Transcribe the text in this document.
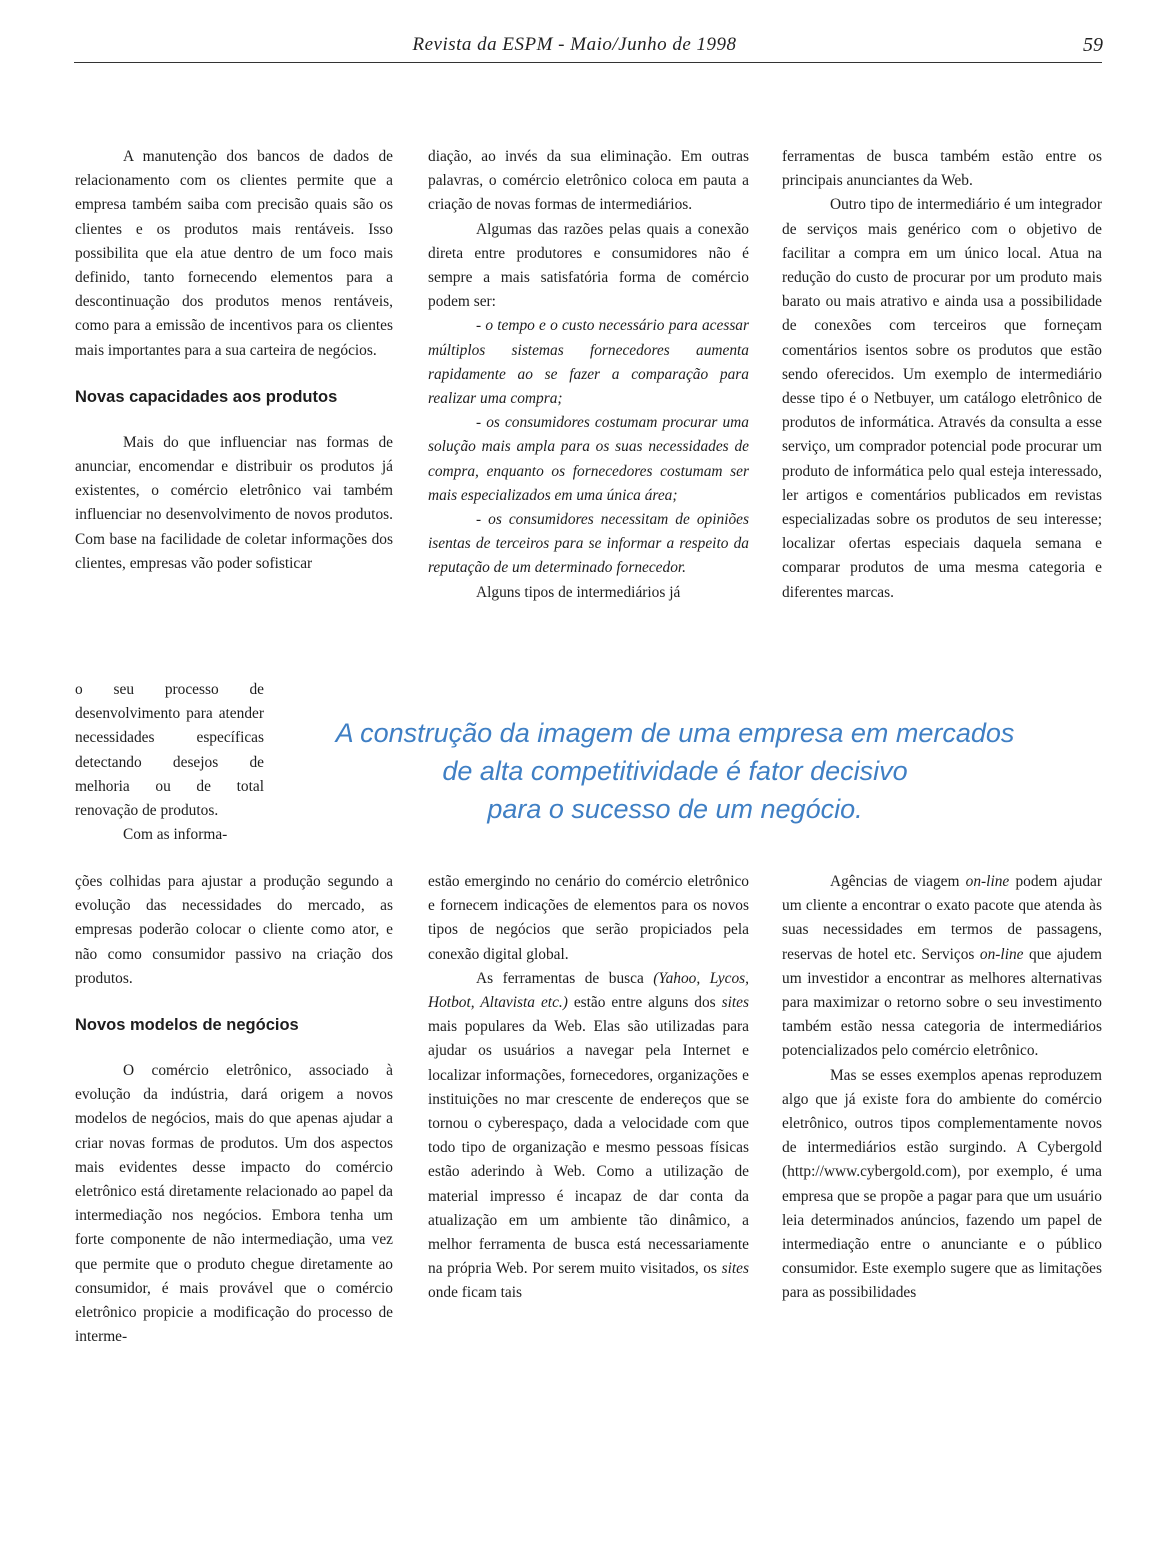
Revista da ESPM - Maio/Junho de 1998	59

A manutenção dos bancos de dados de relacionamento com os clientes permite que a empresa também saiba com precisão quais são os clientes e os produtos mais rentáveis. Isso possibilita que ela atue dentro de um foco mais definido, tanto fornecendo elementos para a descontinuação dos produtos menos rentáveis, como para a emissão de incentivos para os clientes mais importantes para a sua carteira de negócios.

Novas capacidades aos produtos

Mais do que influenciar nas formas de anunciar, encomendar e distribuir os produtos já existentes, o comércio eletrônico vai também influenciar no desenvolvimento de novos produtos. Com base na facilidade de coletar informações dos clientes, empresas vão poder sofisticar

o seu processo de desenvolvimento para atender necessidades específicas detectando desejos de melhoria ou de total renovação de produtos.

Com as informa-

A construção da imagem de uma empresa em mercados
de alta competitividade é fator decisivo
para o sucesso de um negócio.

ções colhidas para ajustar a produção segundo a evolução das necessidades do mercado, as empresas poderão colocar o cliente como ator, e não como consumidor passivo na criação dos produtos.

Novos modelos de negócios

O comércio eletrônico, associado à evolução da indústria, dará origem a novos modelos de negócios, mais do que apenas ajudar a criar novas formas de produtos. Um dos aspectos mais evidentes desse impacto do comércio eletrônico está diretamente relacionado ao papel da intermediação nos negócios. Embora tenha um forte componente de não intermediação, uma vez que permite que o produto chegue diretamente ao consumidor, é mais provável que o comércio eletrônico propicie a modificação do processo de interme-

diação, ao invés da sua eliminação. Em outras palavras, o comércio eletrônico coloca em pauta a criação de novas formas de intermediários.

Algumas das razões pelas quais a conexão direta entre produtores e consumidores não é sempre a mais satisfatória forma de comércio podem ser:

- o tempo e o custo necessário para acessar múltiplos sistemas fornecedores aumenta rapidamente ao se fazer a comparação para realizar uma compra;

- os consumidores costumam procurar uma solução mais ampla para os suas necessidades de compra, enquanto os fornecedores costumam ser mais especializados em uma única área;

- os consumidores necessitam de opiniões isentas de terceiros para se informar a respeito da reputação de um determinado fornecedor.

Alguns tipos de intermediários já

estão emergindo no cenário do comércio eletrônico e fornecem indicações de elementos para os novos tipos de negócios que serão propiciados pela conexão digital global.

As ferramentas de busca (Yahoo, Lycos, Hotbot, Altavista etc.) estão entre alguns dos sites mais populares da Web. Elas são utilizadas para ajudar os usuários a navegar pela Internet e localizar informações, fornecedores, organizações e instituições no mar crescente de endereços que se tornou o cyberespaço, dada a velocidade com que todo tipo de organização e mesmo pessoas físicas estão aderindo à Web. Como a utilização de material impresso é incapaz de dar conta da atualização em um ambiente tão dinâmico, a melhor ferramenta de busca está necessariamente na própria Web. Por serem muito visitados, os sites onde ficam tais

ferramentas de busca também estão entre os principais anunciantes da Web.

Outro tipo de intermediário é um integrador de serviços mais genérico com o objetivo de facilitar a compra em um único local. Atua na redução do custo de procurar por um produto mais barato ou mais atrativo e ainda usa a possibilidade de conexões com terceiros que forneçam comentários isentos sobre os produtos que estão sendo oferecidos. Um exemplo de intermediário desse tipo é o Netbuyer, um catálogo eletrônico de produtos de informática. Através da consulta a esse serviço, um comprador potencial pode procurar um produto de informática pelo qual esteja interessado, ler artigos e comentários publicados em revistas especializadas sobre os produtos de seu interesse; localizar ofertas especiais daquela semana e comparar produtos de uma mesma categoria e diferentes marcas.

Agências de viagem on-line podem ajudar um cliente a encontrar o exato pacote que atenda às suas necessidades em termos de passagens, reservas de hotel etc. Serviços on-line que ajudem um investidor a encontrar as melhores alternativas para maximizar o retorno sobre o seu investimento também estão nessa categoria de intermediários potencializados pelo comércio eletrônico.

Mas se esses exemplos apenas reproduzem algo que já existe fora do ambiente do comércio eletrônico, outros tipos complementamente novos de intermediários estão surgindo. A Cybergold (http://www.cybergold.com), por exemplo, é uma empresa que se propõe a pagar para que um usuário leia determinados anúncios, fazendo um papel de intermediação entre o anunciante e o público consumidor. Este exemplo sugere que as limitações para as possibilidades
